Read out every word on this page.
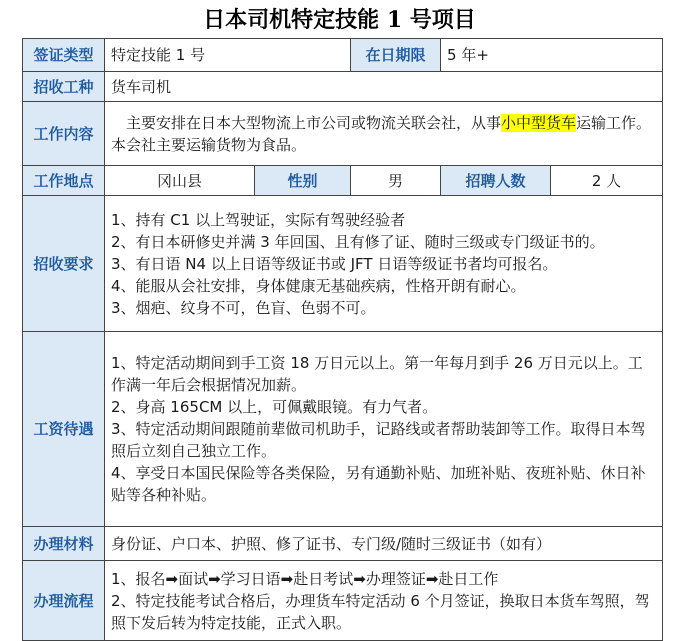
日本司机特定技能 1 号项目
签证类型	特定技能 1 号		在日期限	5 年+	
招收工种	货车司机				
工作内容	主要安排在日本大型物流上市公司或物流关联会社，从事小中型货车运输工作。本会社主要运输货物为食品。				
工作地点	冈山县	性别	男	招聘人数	2 人
招收要求	1、持有 C1 以上驾驶证，实际有驾驶经验者
2、有日本研修史并满 3 年回国、且有修了证、随时三级或专门级证书的。
3、有日语 N4 以上日语等级证书或 JFT 日语等级证书者均可报名。
4、能服从会社安排，身体健康无基础疾病，性格开朗有耐心。
3、烟疤、纹身不可，色盲、色弱不可。				

工资待遇	1、特定活动期间到手工资 18 万日元以上。第一年每月到手 26 万日元以上。工作满一年后会根据情况加薪。
2、身高 165CM 以上，可佩戴眼镜。有力气者。
3、特定活动期间跟随前辈做司机助手，记路线或者帮助装卸等工作。取得日本驾照后立刻自己独立工作。
4、享受日本国民保险等各类保险，另有通勤补贴、加班补贴、夜班补贴、休日补贴等各种补贴。				

办理材料	身份证、户口本、护照、修了证书、专门级/随时三级证书（如有）				
办理流程	1、报名➡面试➡学习日语➡赴日考试➡办理签证➡赴日工作
2、特定技能考试合格后，办理货车特定活动 6 个月签证，换取日本货车驾照，驾照下发后转为特定技能，正式入职。				
